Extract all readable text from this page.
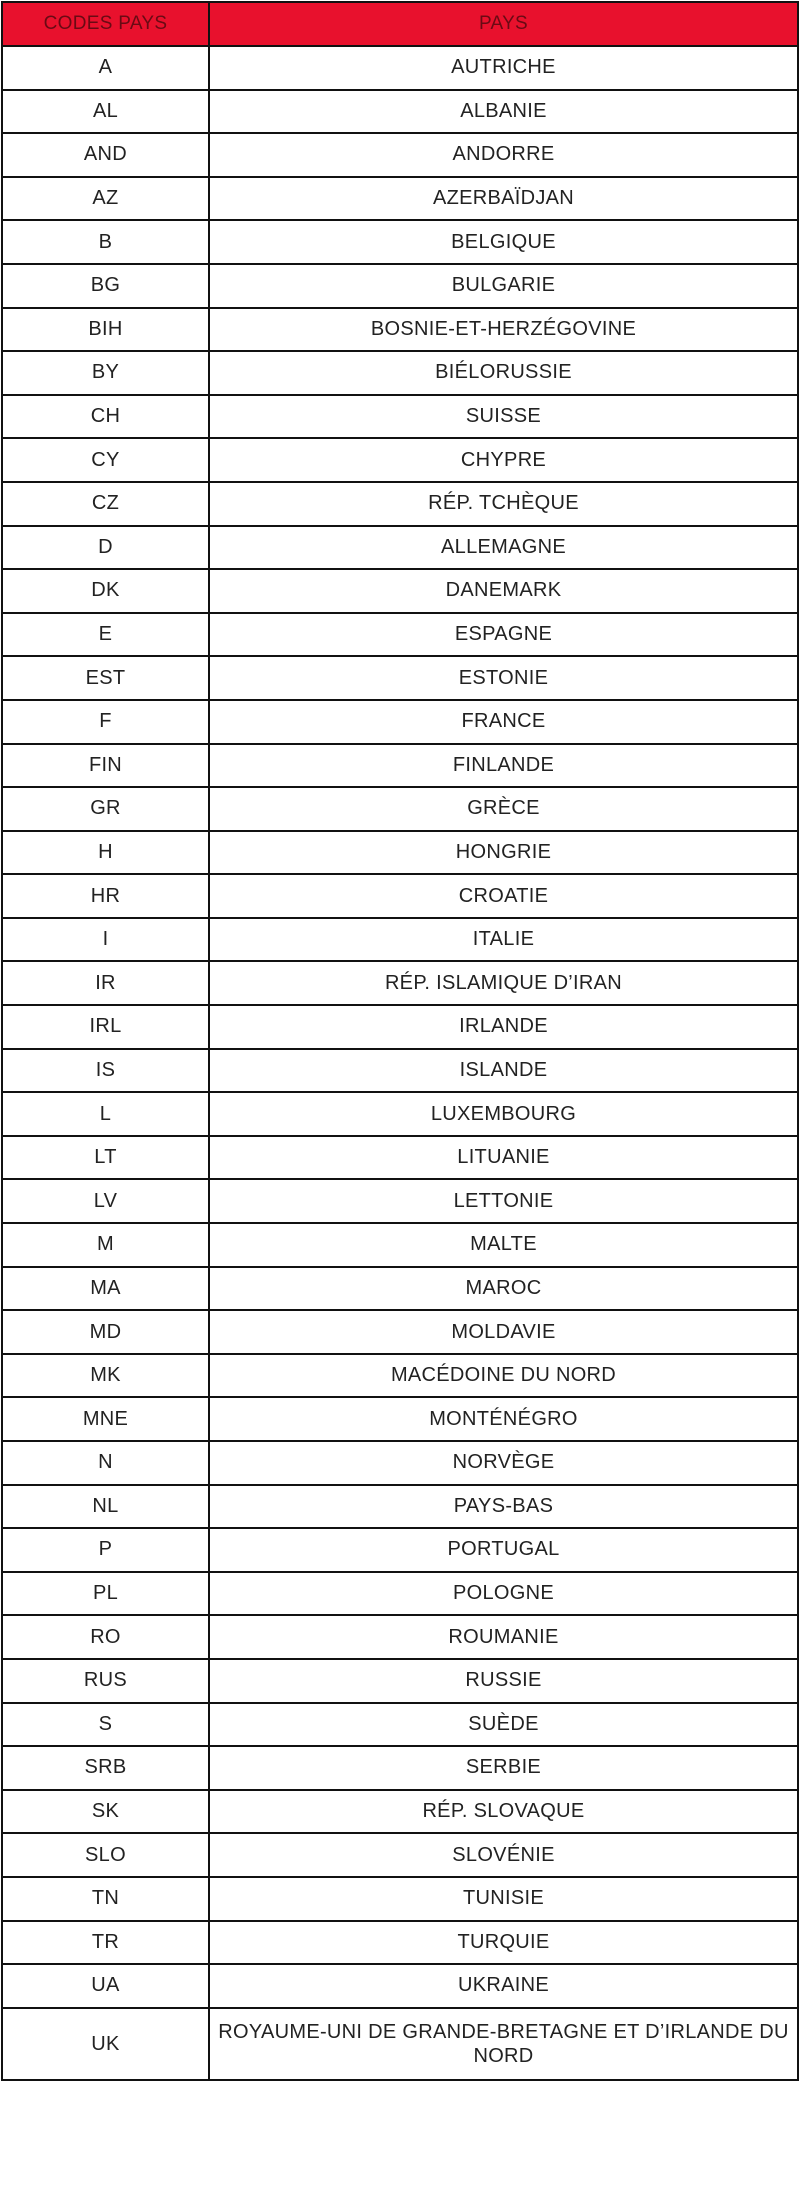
CODES PAYS	PAYS
A	AUTRICHE
AL	ALBANIE
AND	ANDORRE
AZ	AZERBAÏDJAN
B	BELGIQUE
BG	BULGARIE
BIH	BOSNIE-ET-HERZÉGOVINE
BY	BIÉLORUSSIE
CH	SUISSE
CY	CHYPRE
CZ	RÉP. TCHÈQUE
D	ALLEMAGNE
DK	DANEMARK
E	ESPAGNE
EST	ESTONIE
F	FRANCE
FIN	FINLANDE
GR	GRÈCE
H	HONGRIE
HR	CROATIE
I	ITALIE
IR	RÉP. ISLAMIQUE D’IRAN
IRL	IRLANDE
IS	ISLANDE
L	LUXEMBOURG
LT	LITUANIE
LV	LETTONIE
M	MALTE
MA	MAROC
MD	MOLDAVIE
MK	MACÉDOINE DU NORD
MNE	MONTÉNÉGRO
N	NORVÈGE
NL	PAYS-BAS
P	PORTUGAL
PL	POLOGNE
RO	ROUMANIE
RUS	RUSSIE
S	SUÈDE
SRB	SERBIE
SK	RÉP. SLOVAQUE
SLO	SLOVÉNIE
TN	TUNISIE
TR	TURQUIE
UA	UKRAINE
UK	ROYAUME-UNI DE GRANDE-BRETAGNE ET D’IRLANDE DU NORD
